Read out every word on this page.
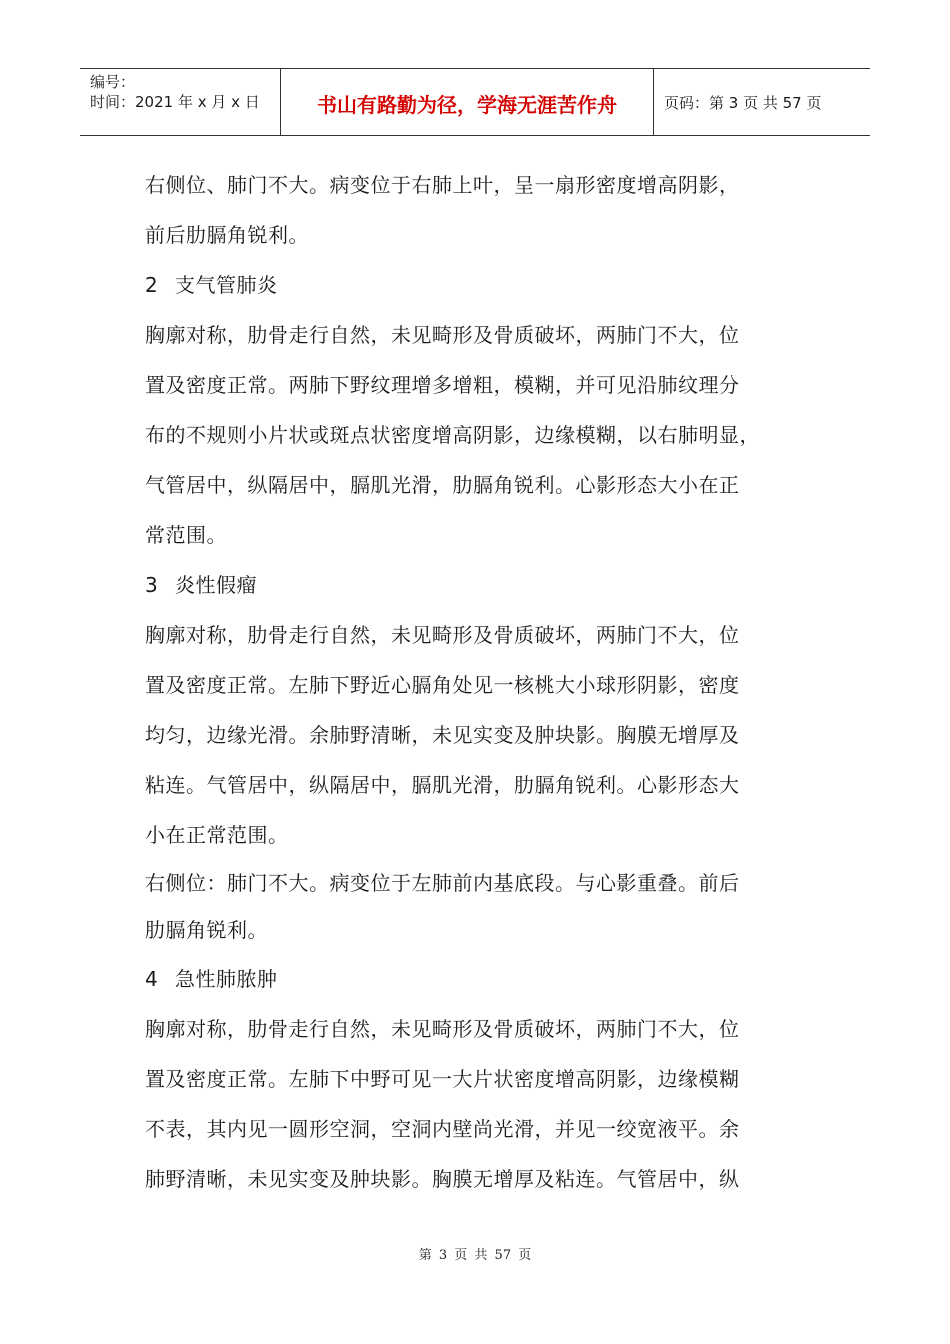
编号：
时间：2021 年 x 月 x 日	书山有路勤为径，学海无涯苦作舟	页码：第 3 页 共 57 页

右侧位、肺门不大。病变位于右肺上叶，呈一扇形密度增高阴影，
前后肋膈角锐利。

2 支气管肺炎

胸廓对称，肋骨走行自然，未见畸形及骨质破坏，两肺门不大，位
置及密度正常。两肺下野纹理增多增粗，模糊，并可见沿肺纹理分
布的不规则小片状或斑点状密度增高阴影，边缘模糊，以右肺明显，
气管居中，纵隔居中，膈肌光滑，肋膈角锐利。心影形态大小在正
常范围。

3 炎性假瘤

胸廓对称，肋骨走行自然，未见畸形及骨质破坏，两肺门不大，位
置及密度正常。左肺下野近心膈角处见一核桃大小球形阴影，密度
均匀，边缘光滑。余肺野清晰，未见实变及肿块影。胸膜无增厚及
粘连。气管居中，纵隔居中，膈肌光滑，肋膈角锐利。心影形态大
小在正常范围。

右侧位：肺门不大。病变位于左肺前内基底段。与心影重叠。前后
肋膈角锐利。

4 急性肺脓肿

胸廓对称，肋骨走行自然，未见畸形及骨质破坏，两肺门不大，位
置及密度正常。左肺下中野可见一大片状密度增高阴影，边缘模糊
不表，其内见一圆形空洞，空洞内壁尚光滑，并见一绞宽液平。余
肺野清晰，未见实变及肿块影。胸膜无增厚及粘连。气管居中，纵

第 3 页 共 57 页
